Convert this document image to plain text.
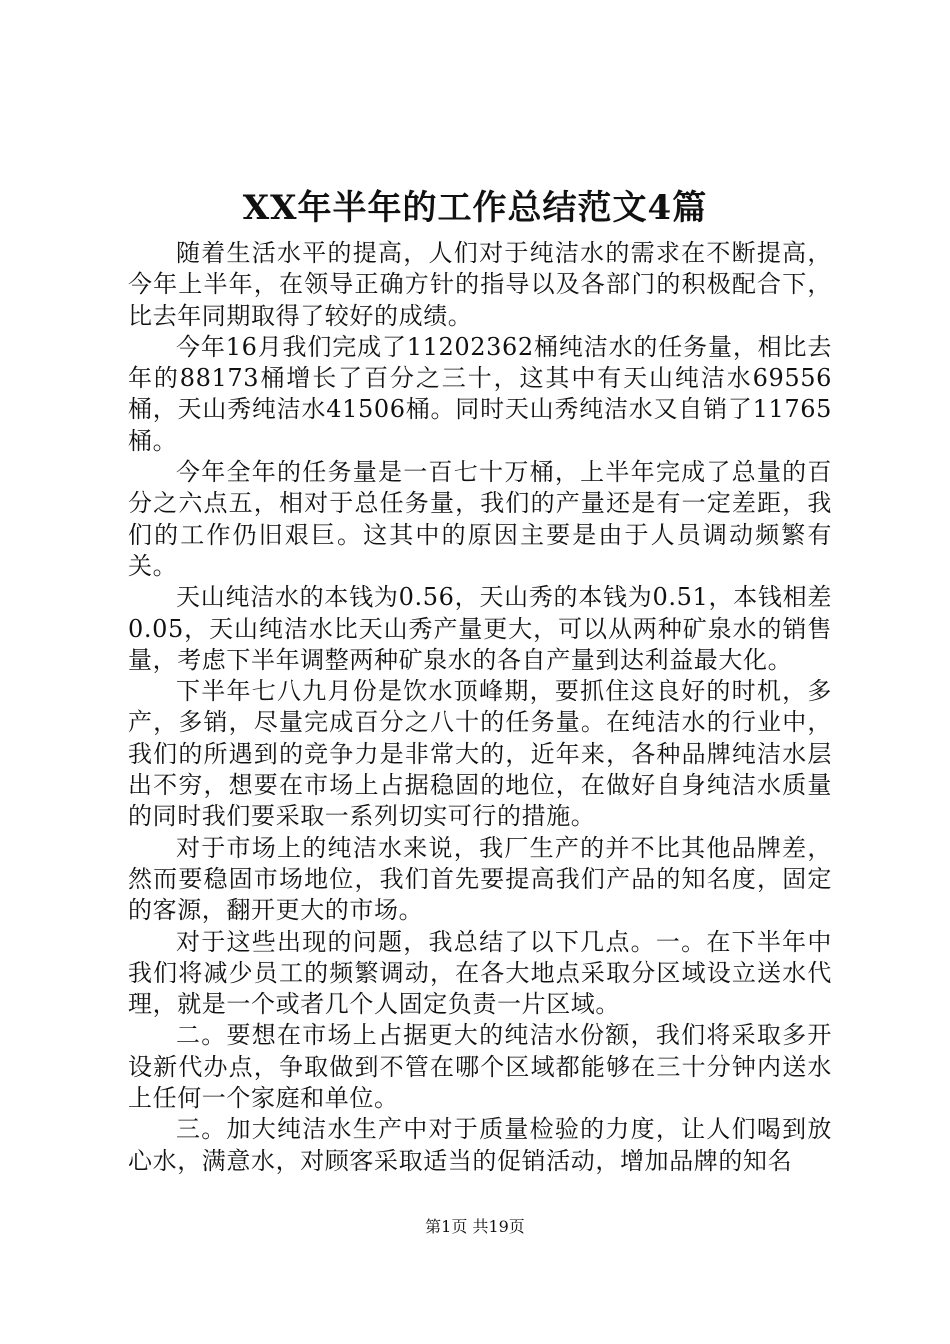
XX年半年的工作总结范文4篇

随着生活水平的提高，人们对于纯洁水的需求在不断提高，今年上半年，在领导正确方针的指导以及各部门的积极配合下，比去年同期取得了较好的成绩。

今年16月我们完成了11202362桶纯洁水的任务量，相比去年的88173桶增长了百分之三十，这其中有天山纯洁水69556桶，天山秀纯洁水41506桶。同时天山秀纯洁水又自销了11765桶。

今年全年的任务量是一百七十万桶，上半年完成了总量的百分之六点五，相对于总任务量，我们的产量还是有一定差距，我们的工作仍旧艰巨。这其中的原因主要是由于人员调动频繁有关。

天山纯洁水的本钱为0.56，天山秀的本钱为0.51，本钱相差0.05，天山纯洁水比天山秀产量更大，可以从两种矿泉水的销售量，考虑下半年调整两种矿泉水的各自产量到达利益最大化。

下半年七八九月份是饮水顶峰期，要抓住这良好的时机，多产，多销，尽量完成百分之八十的任务量。在纯洁水的行业中，我们的所遇到的竞争力是非常大的，近年来，各种品牌纯洁水层出不穷，想要在市场上占据稳固的地位，在做好自身纯洁水质量的同时我们要采取一系列切实可行的措施。

对于市场上的纯洁水来说，我厂生产的并不比其他品牌差，然而要稳固市场地位，我们首先要提高我们产品的知名度，固定的客源，翻开更大的市场。

对于这些出现的问题，我总结了以下几点。一。在下半年中我们将减少员工的频繁调动，在各大地点采取分区域设立送水代理，就是一个或者几个人固定负责一片区域。

二。要想在市场上占据更大的纯洁水份额，我们将采取多开设新代办点，争取做到不管在哪个区域都能够在三十分钟内送水上任何一个家庭和单位。

三。加大纯洁水生产中对于质量检验的力度，让人们喝到放心水，满意水，对顾客采取适当的促销活动，增加品牌的知名

第1页 共19页
